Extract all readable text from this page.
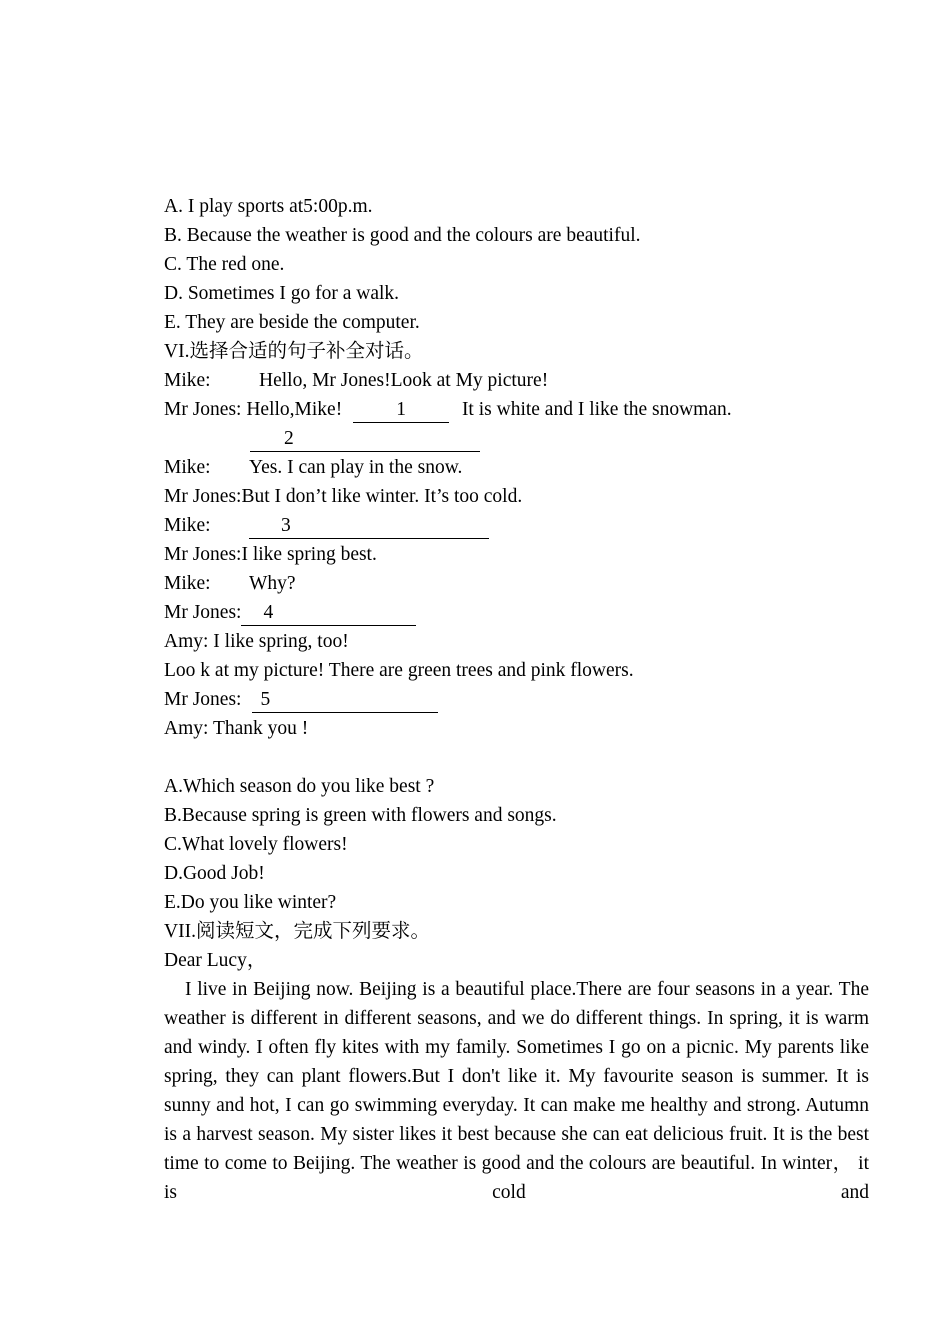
A. I play sports at5:00p.m.
B. Because the weather is good and the colours are beautiful.
C. The red one.
D. Sometimes I go for a walk.
E. They are beside the computer.
VI.选择合适的句子补全对话。
Mike: Hello, Mr Jones!Look at My picture!
Mr Jones: Hello,Mike!	1	It is white and I like the snowman.
2
Mike: Yes. I can play in the snow.
Mr Jones:But I don’t like winter. It’s too cold.
Mike:	3
Mr Jones:I like spring best.
Mike: Why?
Mr Jones: 4
Amy: I like spring, too!
Loo k at my picture! There are green trees and pink flowers.
Mr Jones: 5
Amy: Thank you !
A.Which season do you like best ?
B.Because spring is green with flowers and songs.
C.What lovely flowers!
D.Good Job!
E.Do you like winter?
VII.阅读短文，完成下列要求。
Dear Lucy，
I live in Beijing now. Beijing is a beautiful place.There are four seasons in a year. The weather is different in different seasons, and we do different things. In spring, it is warm and windy. I often fly kites with my family. Sometimes I go on a picnic. My parents like spring, they can plant flowers.But I don't like it. My favourite season is summer. It is sunny and hot, I can go swimming everyday. It can make me healthy and strong. Autumn is a harvest season. My sister likes it best because she can eat delicious fruit. It is the best time to come to Beijing. The weather is good and the colours are beautiful. In winter， it is cold and
